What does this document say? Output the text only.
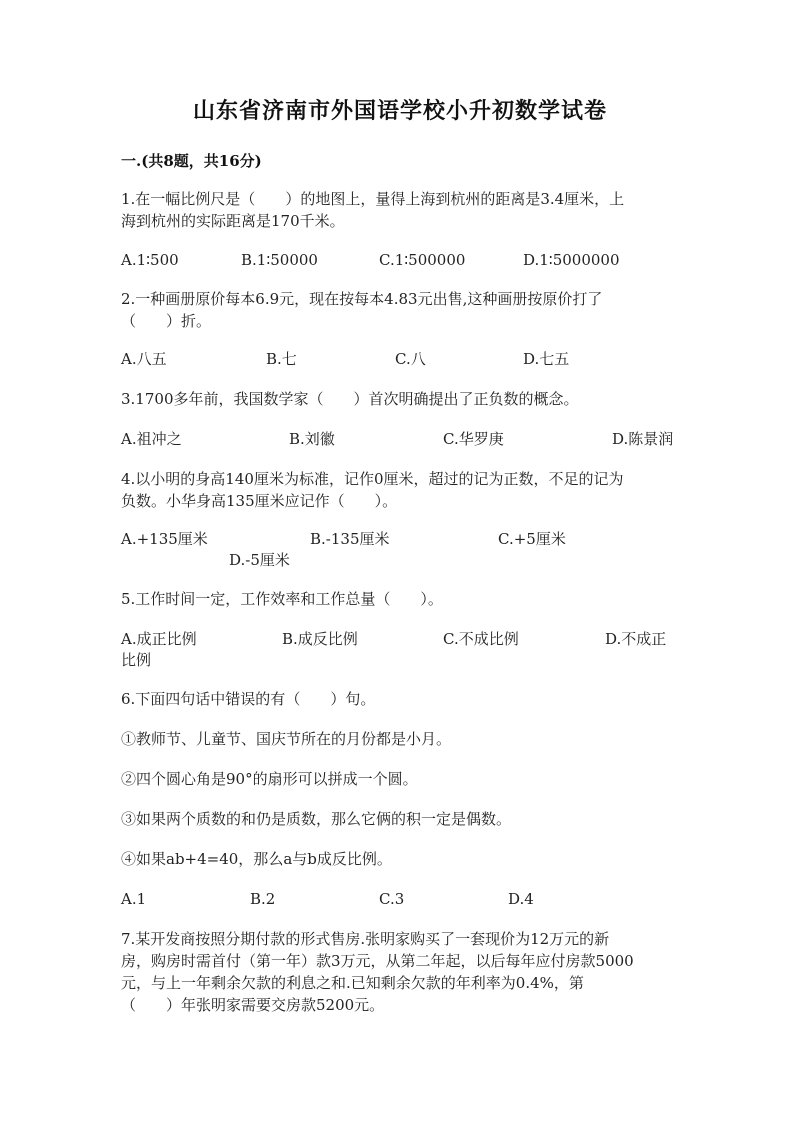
山东省济南市外国语学校小升初数学试卷
一.(共8题，共16分)
1.在一幅比例尺是（　　）的地图上，量得上海到杭州的距离是3.4厘米，上
海到杭州的实际距离是170千米。
A.1∶500	B.1∶50000	C.1∶500000	D.1∶5000000
2.一种画册原价每本6.9元，现在按每本4.83元出售,这种画册按原价打了
（　　）折。
A.八五	B.七	C.八	D.七五
3.1700多年前，我国数学家（　　）首次明确提出了正负数的概念。
A.祖冲之	B.刘徽	C.华罗庚	D.陈景润
4.以小明的身高140厘米为标准，记作0厘米，超过的记为正数，不足的记为
负数。小华身高135厘米应记作（　　）。
A.+135厘米	B.-135厘米	C.+5厘米
D.-5厘米
5.工作时间一定，工作效率和工作总量（　　）。
A.成正比例	B.成反比例	C.不成比例	D.不成正
比例
6.下面四句话中错误的有（　　）句。
①教师节、儿童节、国庆节所在的月份都是小月。
②四个圆心角是90°的扇形可以拼成一个圆。
③如果两个质数的和仍是质数，那么它俩的积一定是偶数。
④如果ab+4=40，那么a与b成反比例。
A.1	B.2	C.3	D.4
7.某开发商按照分期付款的形式售房.张明家购买了一套现价为12万元的新
房，购房时需首付（第一年）款3万元，从第二年起，以后每年应付房款5000
元，与上一年剩余欠款的利息之和.已知剩余欠款的年利率为0.4%，第
（　　）年张明家需要交房款5200元。
